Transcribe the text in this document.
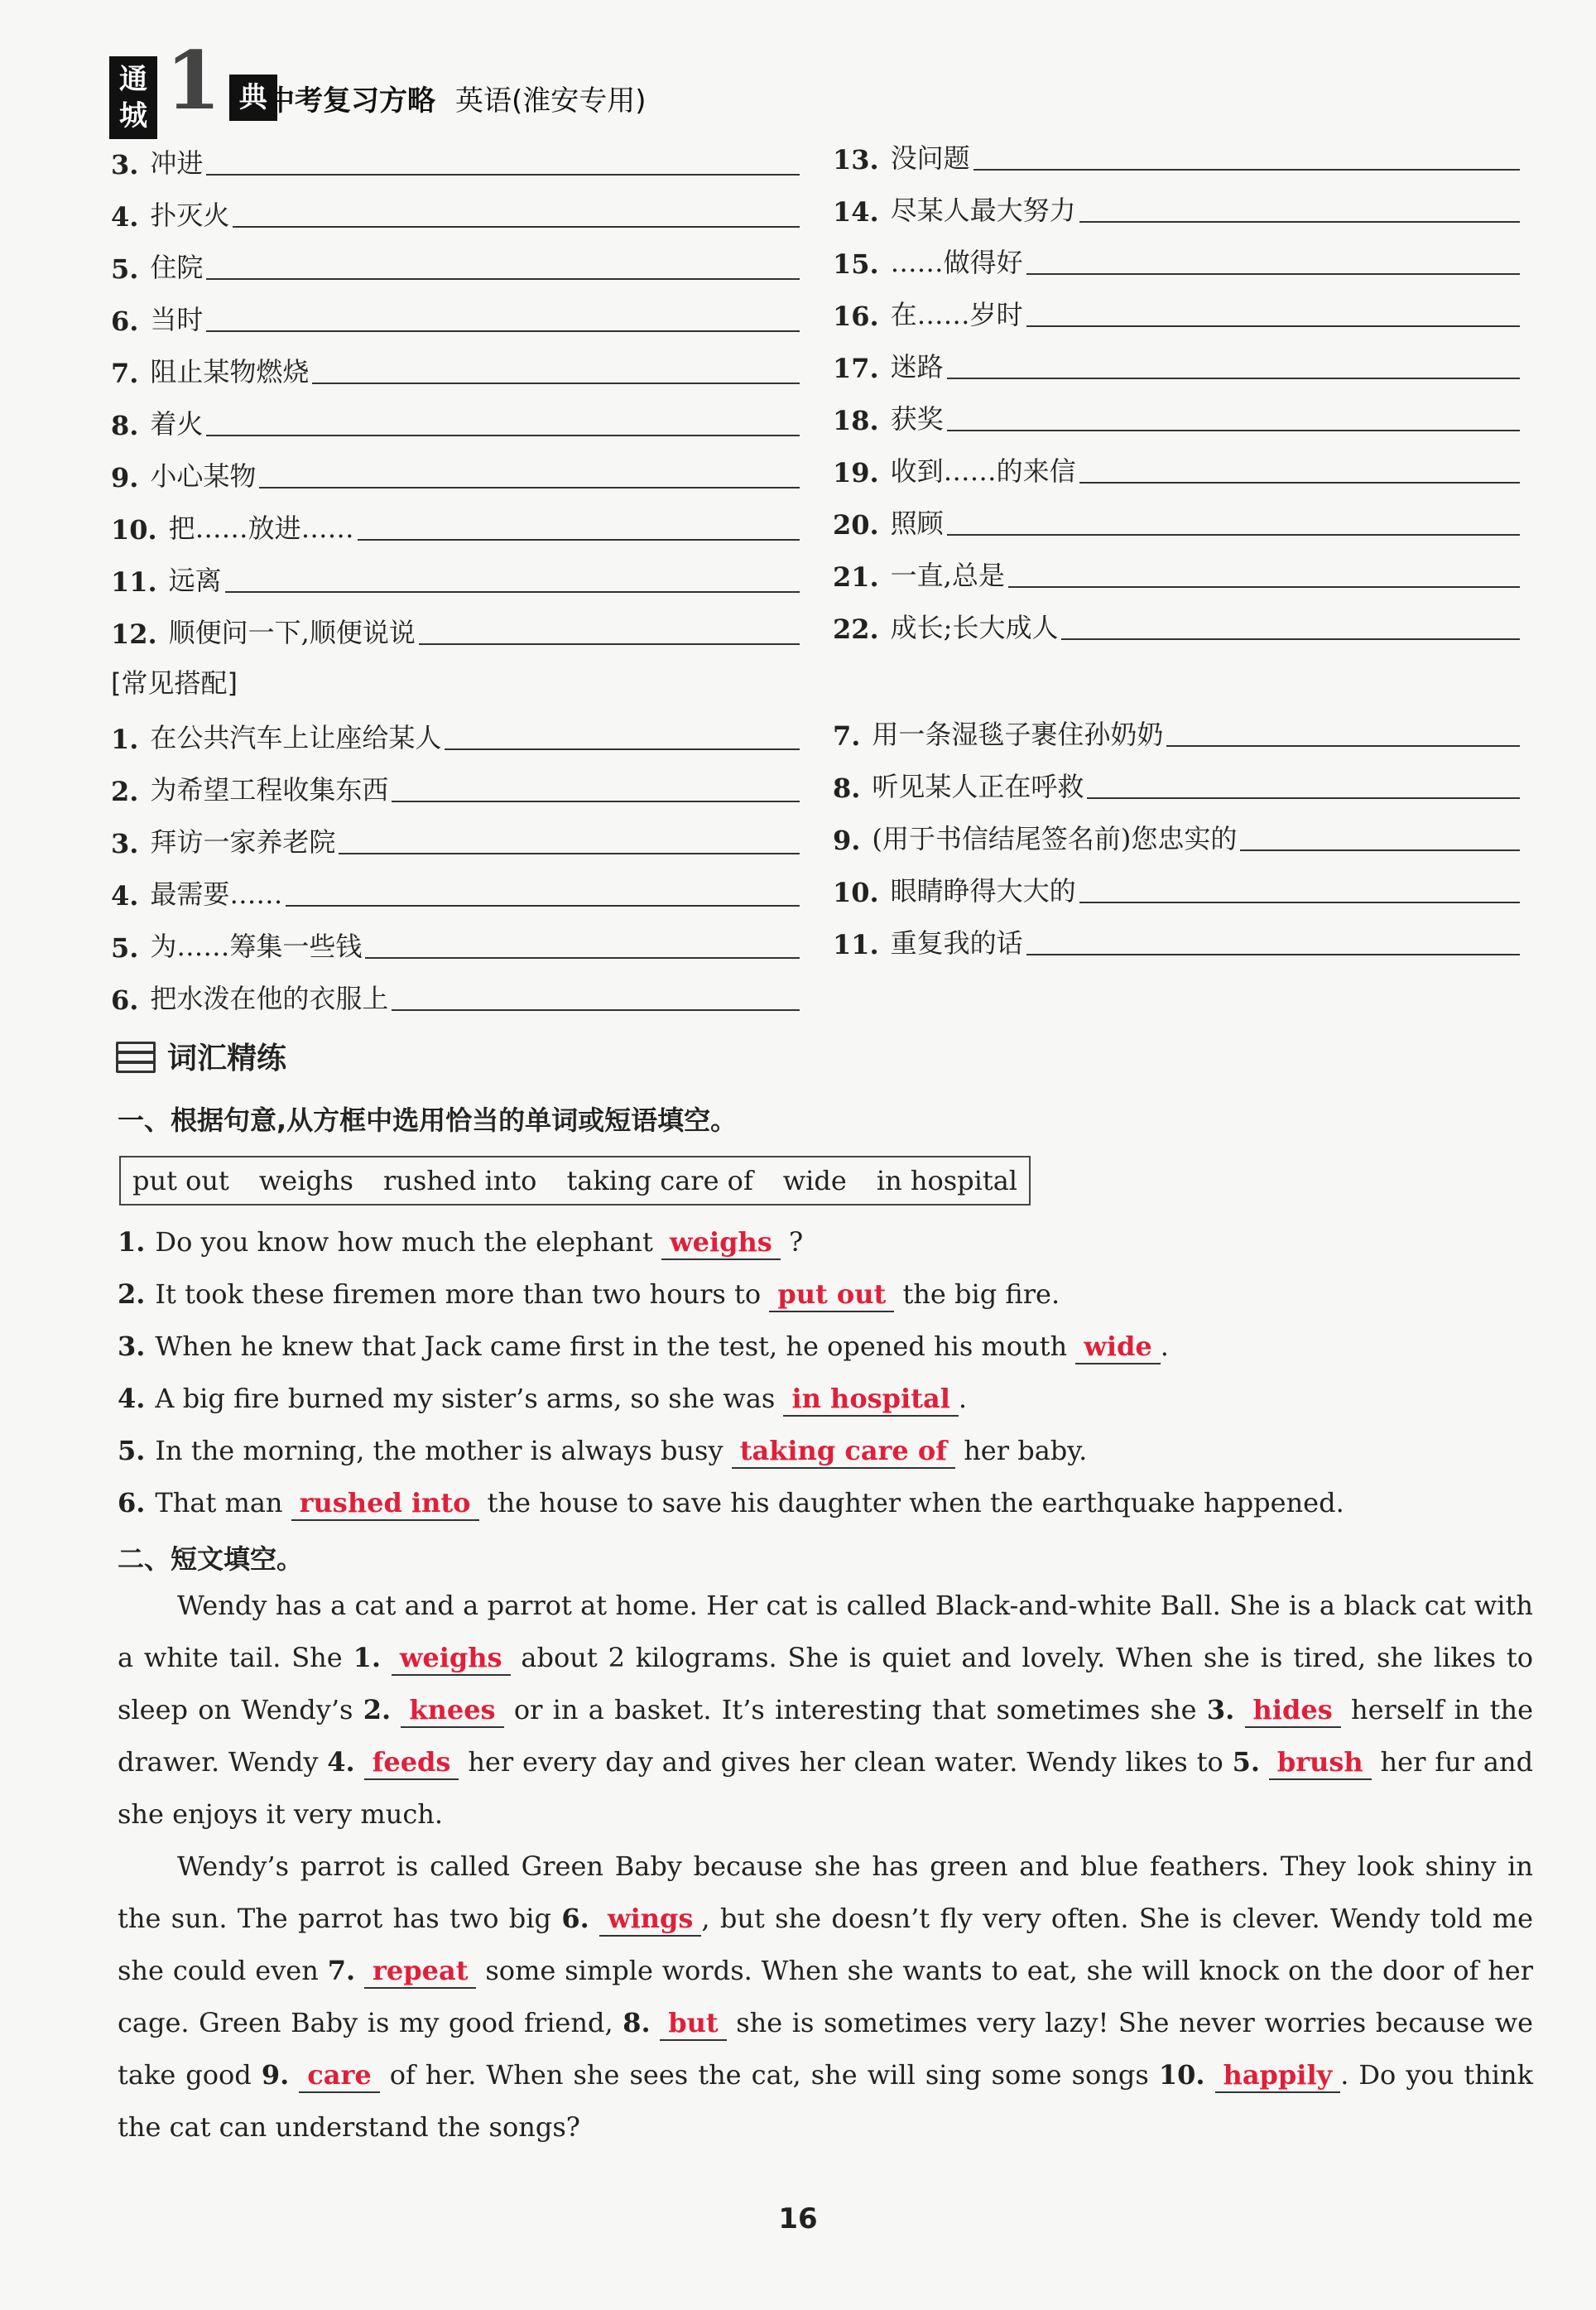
通城 1 典 中考复习方略 英语(淮安专用)
3. 冲进
4. 扑灭火
5. 住院
6. 当时
7. 阻止某物燃烧
8. 着火
9. 小心某物
10. 把……放进……
11. 远离
12. 顺便问一下,顺便说说
13. 没问题
14. 尽某人最大努力
15. ……做得好
16. 在……岁时
17. 迷路
18. 获奖
19. 收到……的来信
20. 照顾
21. 一直,总是
22. 成长;长大成人
[常见搭配]
1. 在公共汽车上让座给某人
2. 为希望工程收集东西
3. 拜访一家养老院
4. 最需要……
5. 为……筹集一些钱
6. 把水泼在他的衣服上
7. 用一条湿毯子裹住孙奶奶
8. 听见某人正在呼救
9. (用于书信结尾签名前)您忠实的
10. 眼睛睁得大大的
11. 重复我的话
词汇精练
一、根据句意,从方框中选用恰当的单词或短语填空。
put out weighs rushed into taking care of wide in hospital
1. Do you know how much the elephant weighs ?
2. It took these firemen more than two hours to put out the big fire.
3. When he knew that Jack came first in the test, he opened his mouth wide .
4. A big fire burned my sister’s arms, so she was in hospital .
5. In the morning, the mother is always busy taking care of her baby.
6. That man rushed into the house to save his daughter when the earthquake happened.
二、短文填空。
Wendy has a cat and a parrot at home. Her cat is called Black-and-white Ball. She is a black cat with a white tail. She 1. weighs about 2 kilograms. She is quiet and lovely. When she is tired, she likes to sleep on Wendy’s 2. knees or in a basket. It’s interesting that sometimes she 3. hides herself in the drawer. Wendy 4. feeds her every day and gives her clean water. Wendy likes to 5. brush her fur and she enjoys it very much.
Wendy’s parrot is called Green Baby because she has green and blue feathers. They look shiny in the sun. The parrot has two big 6. wings , but she doesn’t fly very often. She is clever. Wendy told me she could even 7. repeat some simple words. When she wants to eat, she will knock on the door of her cage. Green Baby is my good friend, 8. but she is sometimes very lazy! She never worries because we take good 9. care of her. When she sees the cat, she will sing some songs 10. happily . Do you think the cat can understand the songs?
16
